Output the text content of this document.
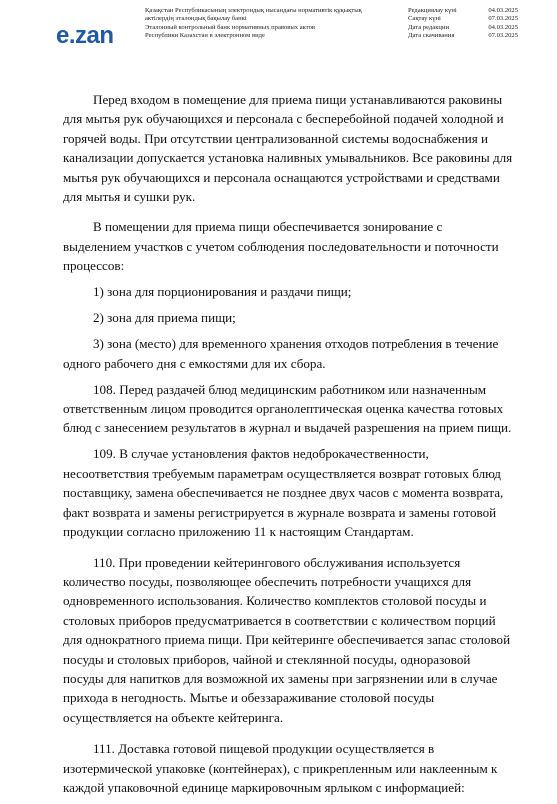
e.zan
Қазақстан Республикасының электрондық нысандағы нормативтік құқықтық
актілердің эталондық бақылау банкі
Эталонный контрольный банк нормативных правовых актов
Республики Казахстан в электронном виде
Редакциялау күні	04.03.2025
Сақтау күні	07.03.2025
Дата редакции	04.03.2025
Дата скачивания	07.03.2025

Перед входом в помещение для приема пищи устанавливаются раковины для мытья рук обучающихся и персонала с бесперебойной подачей холодной и горячей воды. При отсутствии централизованной системы водоснабжения и канализации допускается установка наливных умывальников. Все раковины для мытья рук обучающихся и персонала оснащаются устройствами и средствами для мытья и сушки рук.

В помещении для приема пищи обеспечивается зонирование с выделением участков с учетом соблюдения последовательности и поточности процессов:

1) зона для порционирования и раздачи пищи;

2) зона для приема пищи;

3) зона (место) для временного хранения отходов потребления в течение одного рабочего дня с емкостями для их сбора.

108. Перед раздачей блюд медицинским работником или назначенным ответственным лицом проводится органолептическая оценка качества готовых блюд с занесением результатов в журнал и выдачей разрешения на прием пищи.

109. В случае установления фактов недоброкачественности, несоответствия требуемым параметрам осуществляется возврат готовых блюд поставщику, замена обеспечивается не позднее двух часов с момента возврата, факт возврата и замены регистрируется в журнале возврата и замены готовой продукции согласно приложению 11 к настоящим Стандартам.

110. При проведении кейтерингового обслуживания используется количество посуды, позволяющее обеспечить потребности учащихся для одновременного использования. Количество комплектов столовой посуды и столовых приборов предусматривается в соответствии с количеством порций для однократного приема пищи. При кейтеринге обеспечивается запас столовой посуды и столовых приборов, чайной и стеклянной посуды, одноразовой посуды для напитков для возможной их замены при загрязнении или в случае прихода в негодность. Мытье и обеззараживание столовой посуды осуществляется на объекте кейтеринга.

111. Доставка готовой пищевой продукции осуществляется в изотермической упаковке (контейнерах), с прикрепленным или наклеенным к каждой упаковочной единице маркировочным ярлыком с информацией:
